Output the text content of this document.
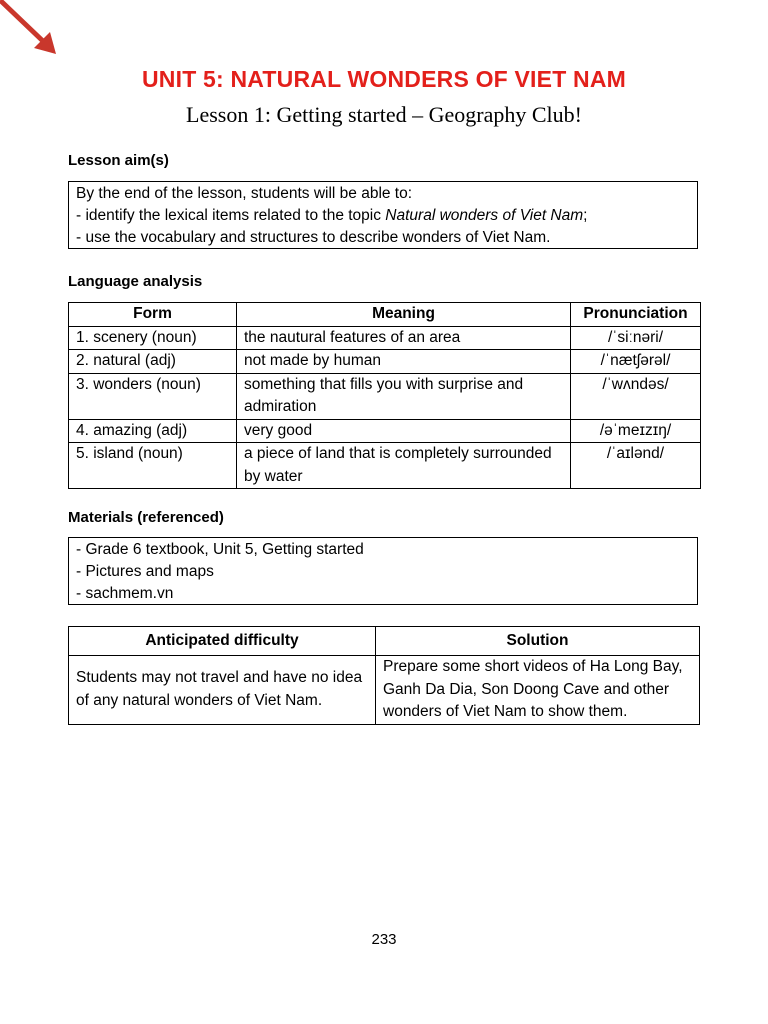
UNIT 5: NATURAL WONDERS OF VIET NAM
Lesson 1: Getting started – Geography Club!
Lesson aim(s)

By the end of the lesson, students will be able to:

- identify the lexical items related to the topic Natural wonders of Viet Nam;

- use the vocabulary and structures to describe wonders of Viet Nam.

Language analysis
Form	Meaning	Pronunciation
1. scenery (noun)	the nautural features of an area	/ˈsiːnəri/
2. natural (adj)	not made by human	/ˈnætʃərəl/
3. wonders (noun)	something that fills you with surprise and admiration	/ˈwʌndəs/
4. amazing (adj)	very good	/əˈmeɪzɪŋ/
5. island (noun)	a piece of land that is completely surrounded by water	/ˈaɪlənd/
Materials (referenced)

- Grade 6 textbook, Unit 5, Getting started

- Pictures and maps

- sachmem.vn

Anticipated difficulty	Solution
Students may not travel and have no idea of any natural wonders of Viet Nam.	Prepare some short videos of Ha Long Bay, Ganh Da Dia, Son Doong Cave and other wonders of Viet Nam to show them.
233
